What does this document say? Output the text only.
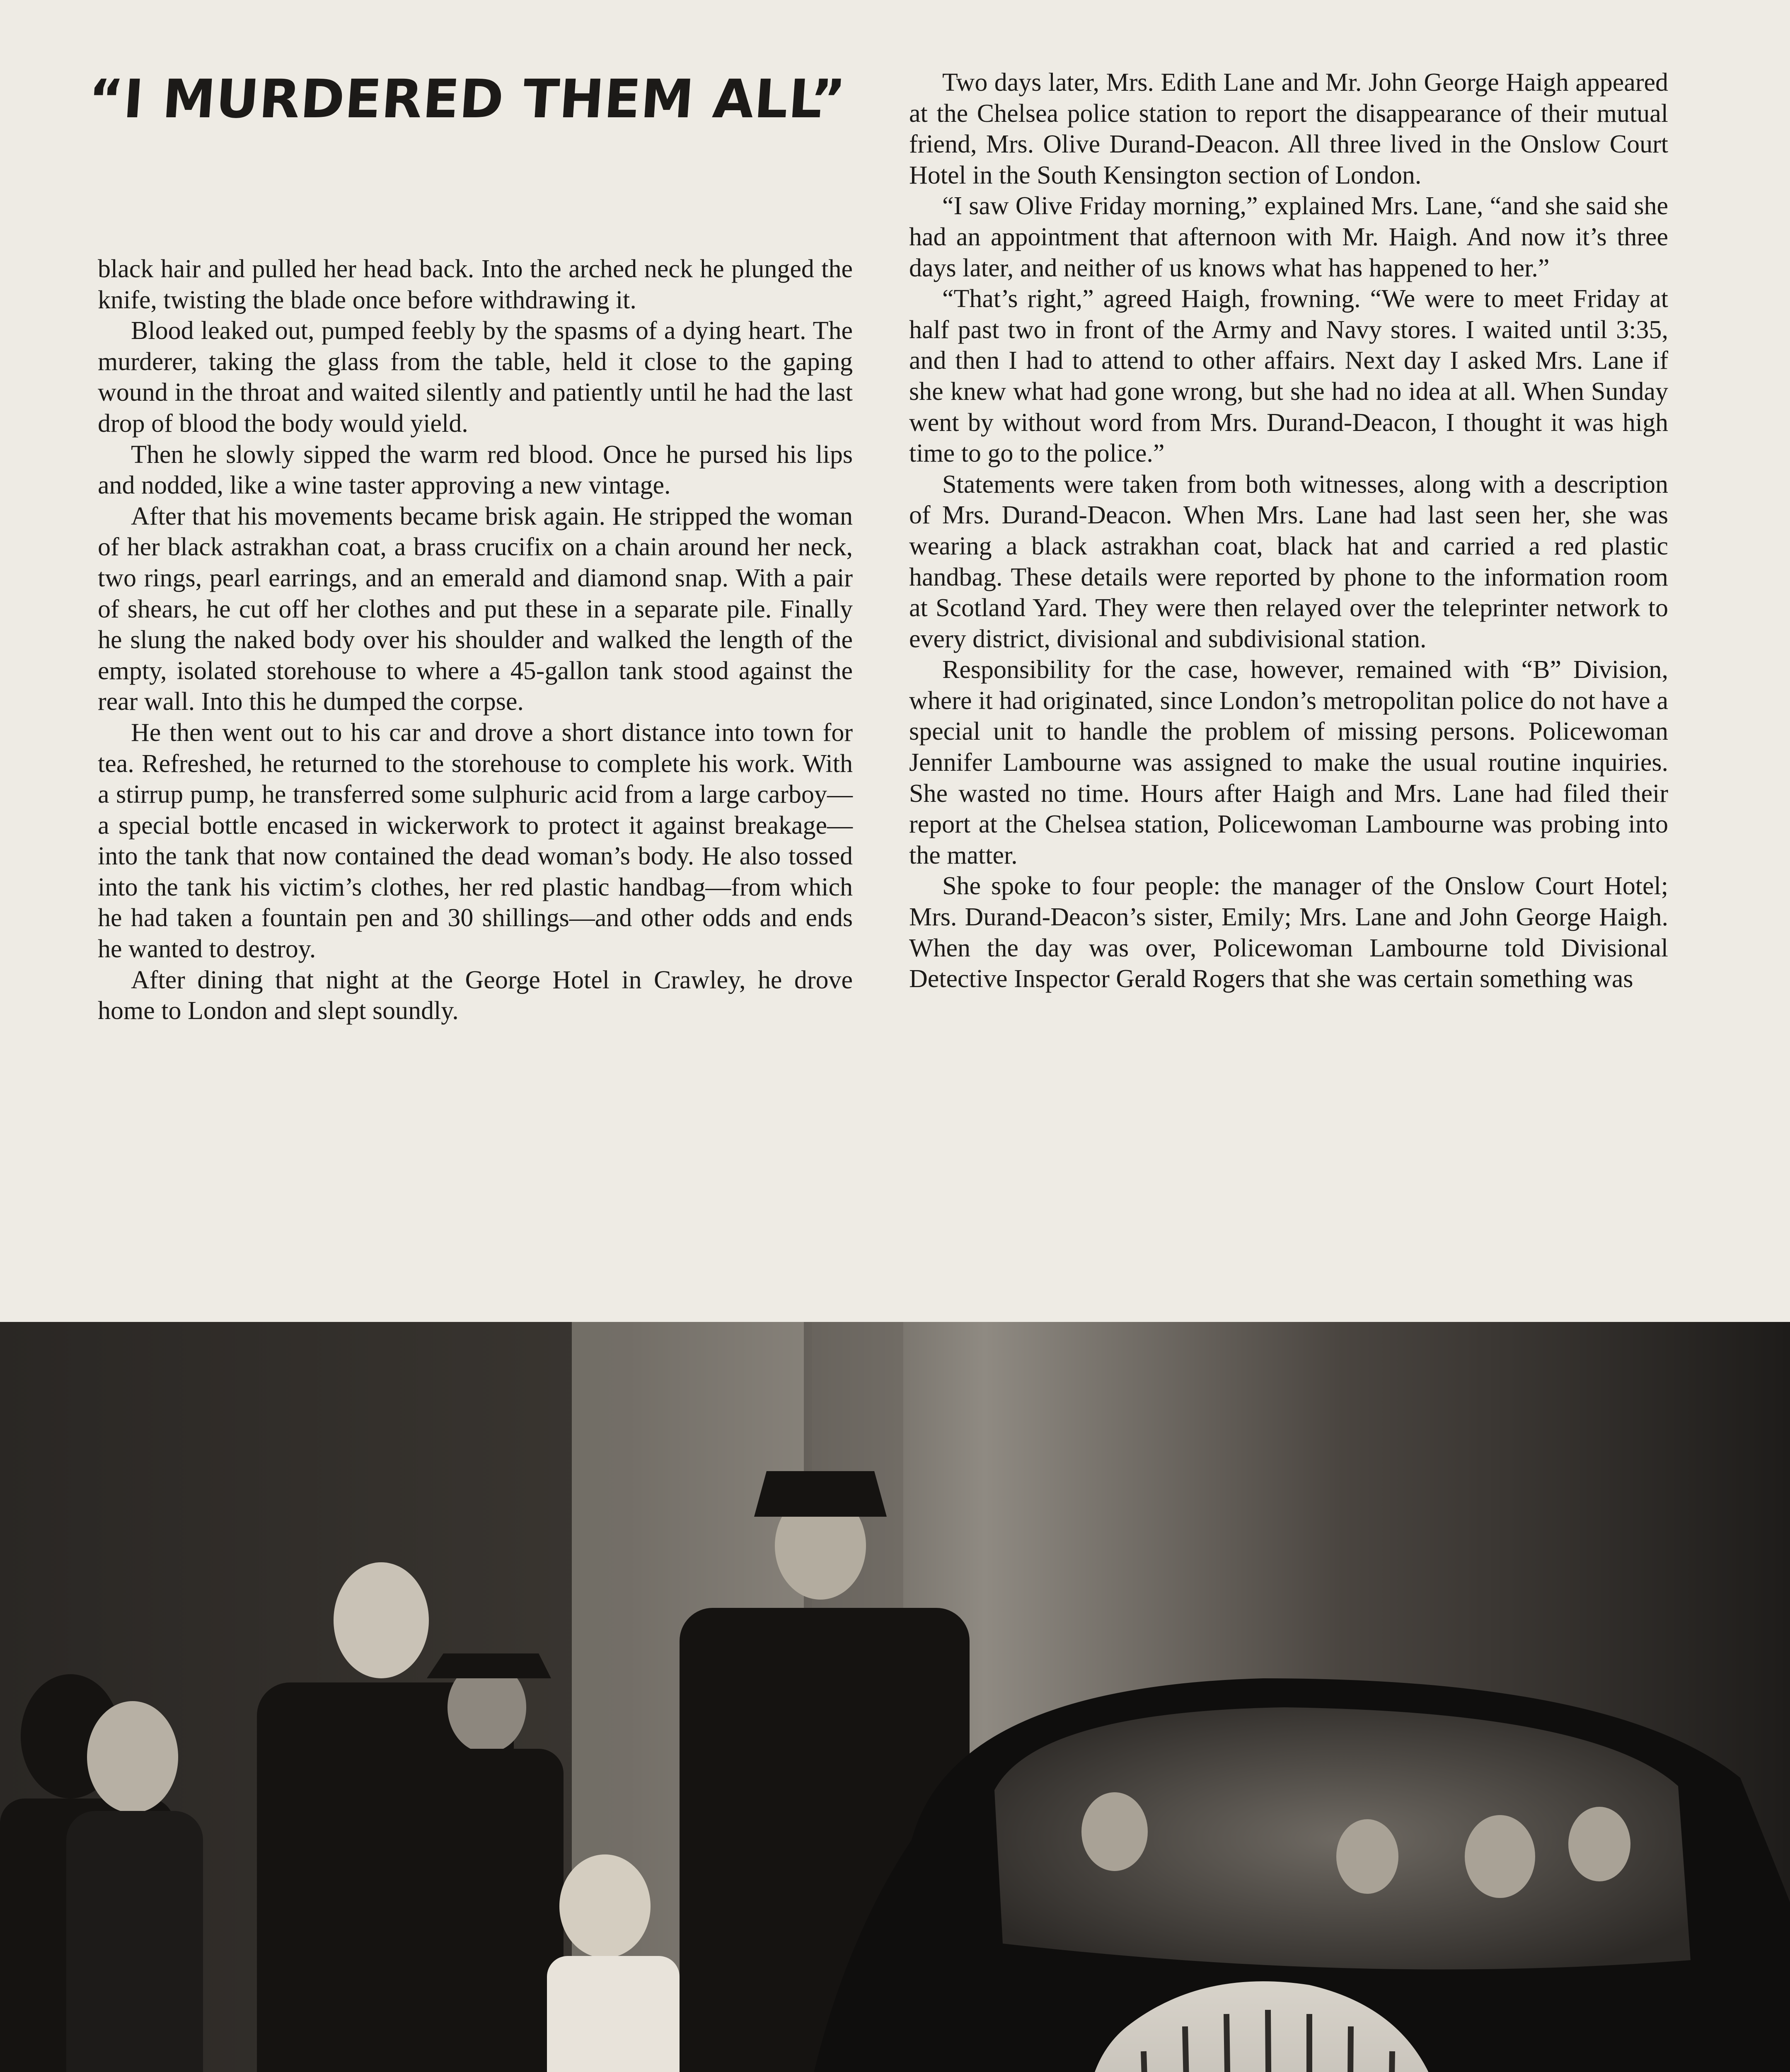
“I MURDERED THEM ALL”

black hair and pulled her head back. Into the arched neck he plunged the knife, twisting the blade once before withdrawing it.

Blood leaked out, pumped feebly by the spasms of a dying heart. The murderer, taking the glass from the table, held it close to the gaping wound in the throat and waited silently and patiently until he had the last drop of blood the body would yield.

Then he slowly sipped the warm red blood. Once he pursed his lips and nodded, like a wine taster approving a new vintage.

After that his movements became brisk again. He stripped the woman of her black astrakhan coat, a brass crucifix on a chain around her neck, two rings, pearl earrings, and an emerald and diamond snap. With a pair of shears, he cut off her clothes and put these in a separate pile. Finally he slung the naked body over his shoulder and walked the length of the empty, isolated storehouse to where a 45-gallon tank stood against the rear wall. Into this he dumped the corpse.

He then went out to his car and drove a short distance into town for tea. Refreshed, he returned to the storehouse to complete his work. With a stirrup pump, he transferred some sulphuric acid from a large carboy—a special bottle encased in wickerwork to protect it against breakage—into the tank that now contained the dead woman’s body. He also tossed into the tank his victim’s clothes, her red plastic handbag—from which he had taken a fountain pen and 30 shillings—and other odds and ends he wanted to destroy.

After dining that night at the George Hotel in Crawley, he drove home to London and slept soundly.

Two days later, Mrs. Edith Lane and Mr. John George Haigh appeared at the Chelsea police station to report the disappearance of their mutual friend, Mrs. Olive Durand-Deacon. All three lived in the Onslow Court Hotel in the South Kensington section of London.

“I saw Olive Friday morning,” explained Mrs. Lane, “and she said she had an appointment that afternoon with Mr. Haigh. And now it’s three days later, and neither of us knows what has happened to her.”

“That’s right,” agreed Haigh, frowning. “We were to meet Friday at half past two in front of the Army and Navy stores. I waited until 3:35, and then I had to attend to other affairs. Next day I asked Mrs. Lane if she knew what had gone wrong, but she had no idea at all. When Sunday went by without word from Mrs. Durand-Deacon, I thought it was high time to go to the police.”

Statements were taken from both witnesses, along with a description of Mrs. Durand-Deacon. When Mrs. Lane had last seen her, she was wearing a black astrakhan coat, black hat and carried a red plastic handbag. These details were reported by phone to the information room at Scotland Yard. They were then relayed over the teleprinter network to every district, divisional and subdivisional station.

Responsibility for the case, however, remained with “B” Division, where it had originated, since London’s metropolitan police do not have a special unit to handle the problem of missing persons. Policewoman Jennifer Lambourne was assigned to make the usual routine inquiries. She wasted no time. Hours after Haigh and Mrs. Lane had filed their report at the Chelsea station, Policewoman Lambourne was probing into the matter.

She spoke to four people: the manager of the Onslow Court Hotel; Mrs. Durand-Deacon’s sister, Emily; Mrs. Lane and John George Haigh. When the day was over, Policewoman Lambourne told Divisional Detective Inspector Gerald Rogers that she was certain something was
